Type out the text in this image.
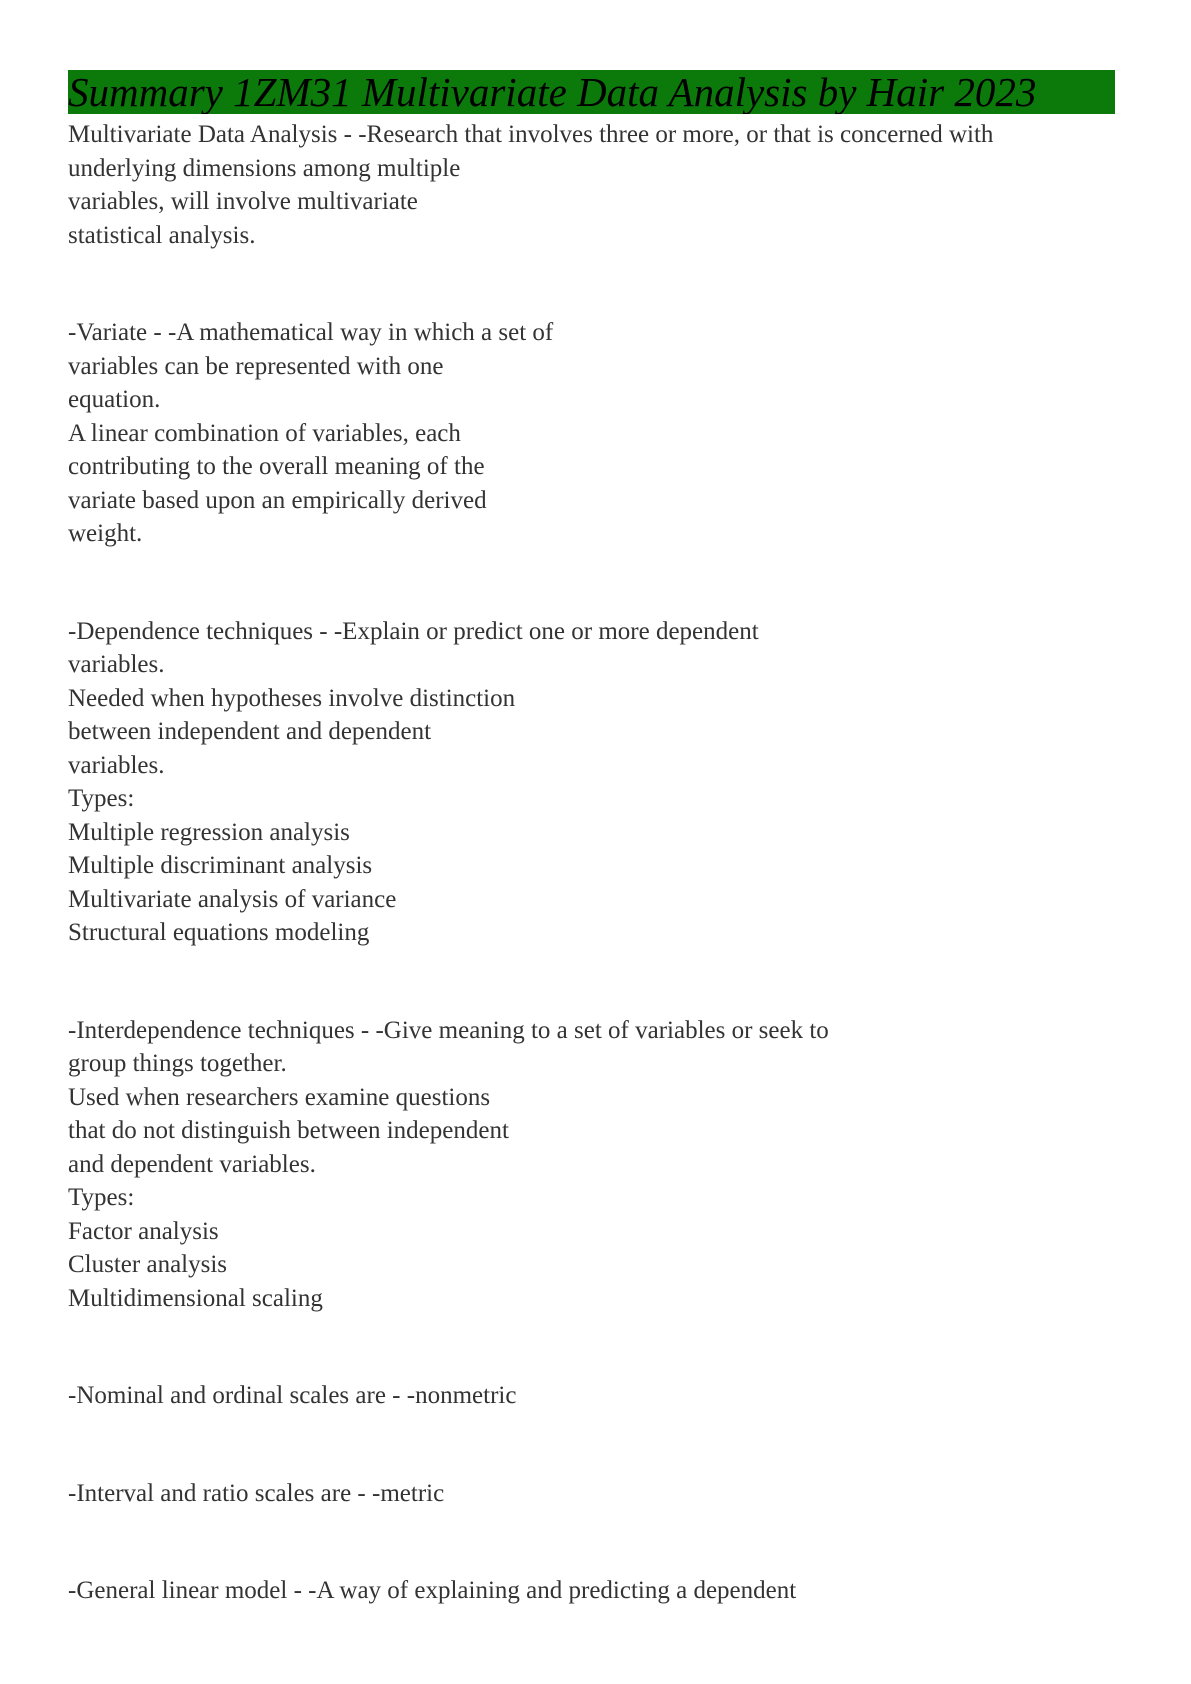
Summary 1ZM31 Multivariate Data Analysis by Hair 2023
Multivariate Data Analysis - -Research that involves three or more, or that is concerned with
underlying dimensions among multiple
variables, will involve multivariate
statistical analysis.
-Variate - -A mathematical way in which a set of
variables can be represented with one
equation.
A linear combination of variables, each
contributing to the overall meaning of the
variate based upon an empirically derived
weight.
-Dependence techniques - -Explain or predict one or more dependent
variables.
Needed when hypotheses involve distinction
between independent and dependent
variables.
Types:
Multiple regression analysis
Multiple discriminant analysis
Multivariate analysis of variance
Structural equations modeling
-Interdependence techniques - -Give meaning to a set of variables or seek to
group things together.
Used when researchers examine questions
that do not distinguish between independent
and dependent variables.
Types:
Factor analysis
Cluster analysis
Multidimensional scaling
-Nominal and ordinal scales are - -nonmetric
-Interval and ratio scales are - -metric
-General linear model - -A way of explaining and predicting a dependent
